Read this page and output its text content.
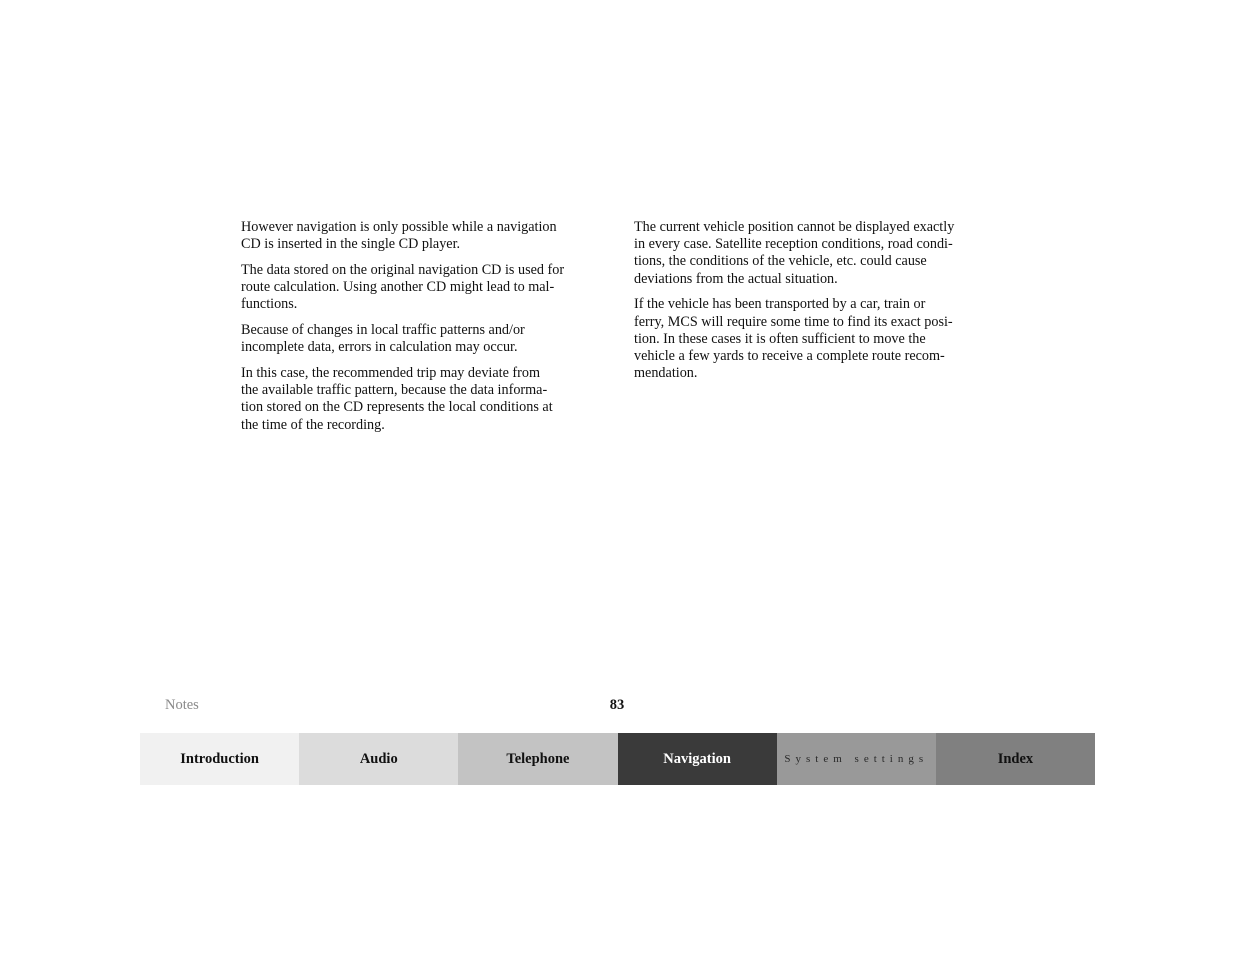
However navigation is only possible while a navigation
CD is inserted in the single CD player.

The data stored on the original navigation CD is used for
route calculation. Using another CD might lead to mal-
functions.

Because of changes in local traffic patterns and/or
incomplete data, errors in calculation may occur.

In this case, the recommended trip may deviate from
the available traffic pattern, because the data informa-
tion stored on the CD represents the local conditions at
the time of the recording.

The current vehicle position cannot be displayed exactly
in every case. Satellite reception conditions, road condi-
tions, the conditions of the vehicle, etc. could cause
deviations from the actual situation.

If the vehicle has been transported by a car, train or
ferry, MCS will require some time to find its exact posi-
tion. In these cases it is often sufficient to move the
vehicle a few yards to receive a complete route recom-
mendation.

Notes	83
Introduction	Audio	Telephone	Navigation	System settings	Index
